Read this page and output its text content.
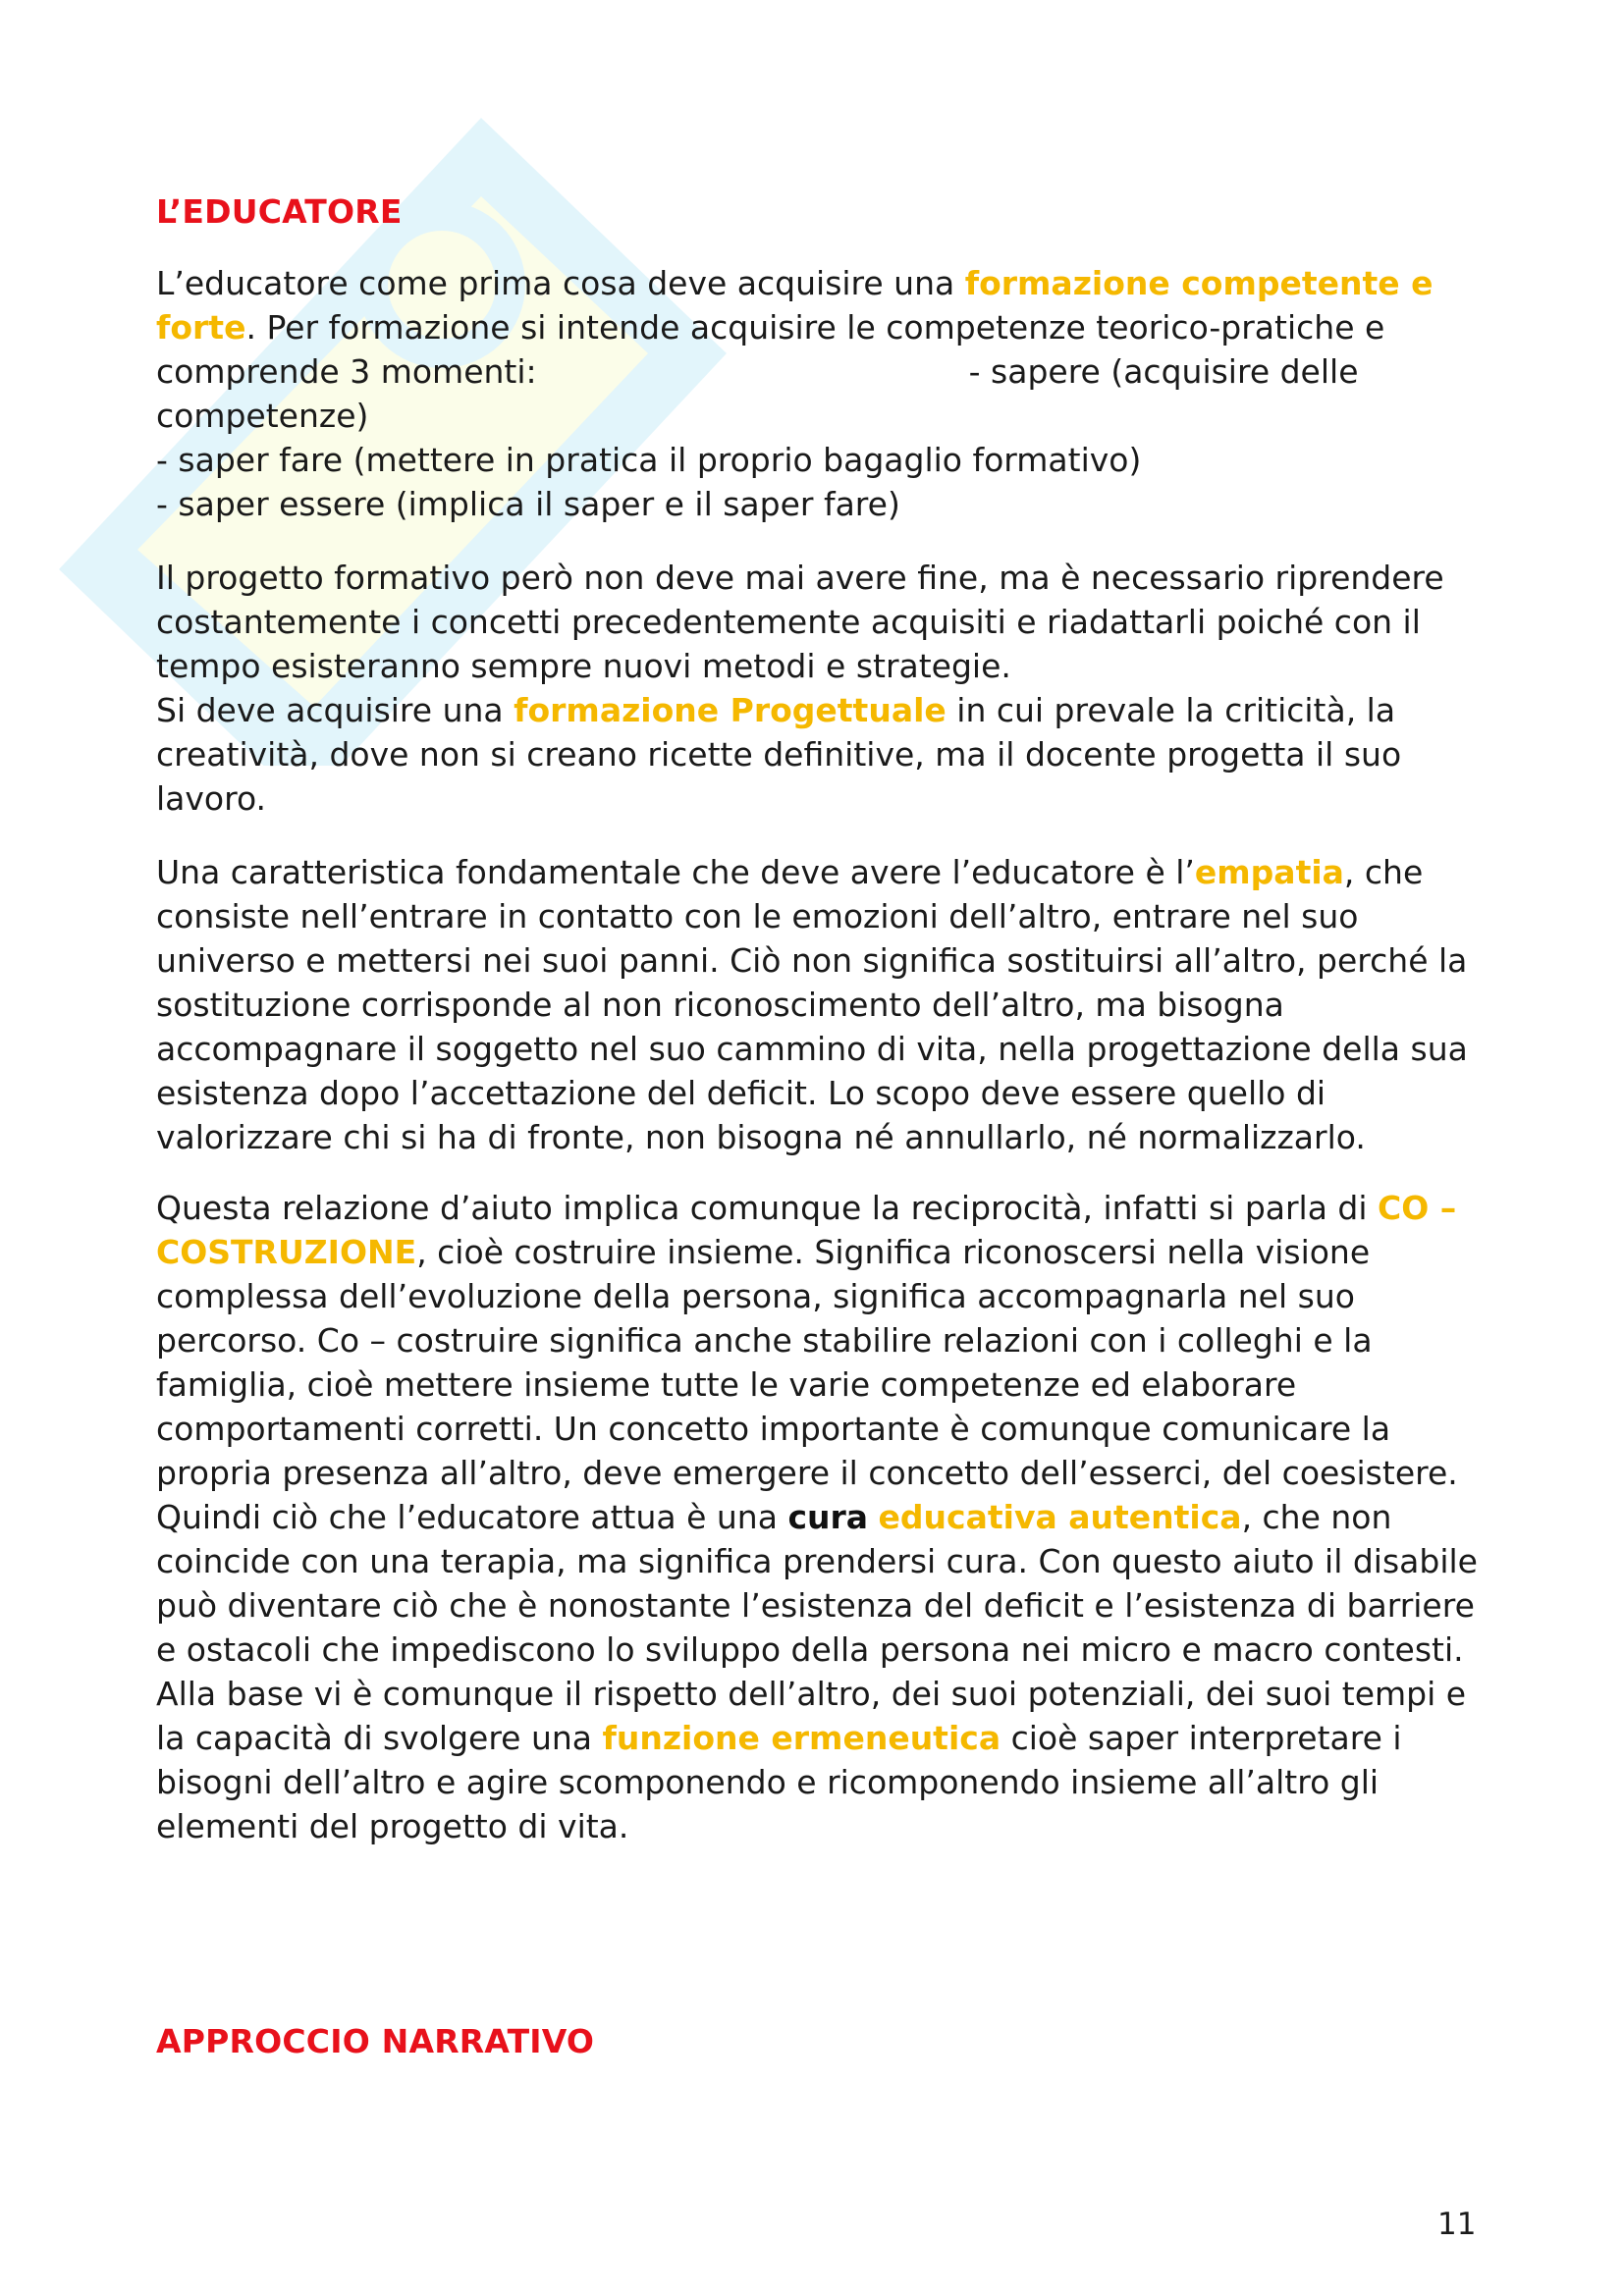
L’EDUCATORE

L’educatore come prima cosa deve acquisire una formazione competente e forte. Per formazione si intende acquisire le competenze teorico-pratiche e comprende 3 momenti:	- sapere (acquisire delle competenze)
- saper fare (mettere in pratica il proprio bagaglio formativo)
- saper essere (implica il saper e il saper fare)

Il progetto formativo però non deve mai avere fine, ma è necessario riprendere costantemente i concetti precedentemente acquisiti e riadattarli poiché con il tempo esisteranno sempre nuovi metodi e strategie.
Si deve acquisire una formazione Progettuale in cui prevale la criticità, la creatività, dove non si creano ricette definitive, ma il docente progetta il suo lavoro.

Una caratteristica fondamentale che deve avere l’educatore è l’empatia, che consiste nell’entrare in contatto con le emozioni dell’altro, entrare nel suo universo e mettersi nei suoi panni. Ciò non significa sostituirsi all’altro, perché la sostituzione corrisponde al non riconoscimento dell’altro, ma bisogna accompagnare il soggetto nel suo cammino di vita, nella progettazione della sua esistenza dopo l’accettazione del deficit. Lo scopo deve essere quello di valorizzare chi si ha di fronte, non bisogna né annullarlo, né normalizzarlo.

Questa relazione d’aiuto implica comunque la reciprocità, infatti si parla di CO – COSTRUZIONE, cioè costruire insieme. Significa riconoscersi nella visione complessa dell’evoluzione della persona, significa accompagnarla nel suo percorso. Co – costruire significa anche stabilire relazioni con i colleghi e la famiglia, cioè mettere insieme tutte le varie competenze ed elaborare comportamenti corretti. Un concetto importante è comunque comunicare la propria presenza all’altro, deve emergere il concetto dell’esserci, del coesistere. Quindi ciò che l’educatore attua è una cura educativa autentica, che non coincide con una terapia, ma significa prendersi cura. Con questo aiuto il disabile può diventare ciò che è nonostante l’esistenza del deficit e l’esistenza di barriere e ostacoli che impediscono lo sviluppo della persona nei micro e macro contesti. Alla base vi è comunque il rispetto dell’altro, dei suoi potenziali, dei suoi tempi e la capacità di svolgere una funzione ermeneutica cioè saper interpretare i bisogni dell’altro e agire scomponendo e ricomponendo insieme all’altro gli elementi del progetto di vita.

APPROCCIO NARRATIVO
11
